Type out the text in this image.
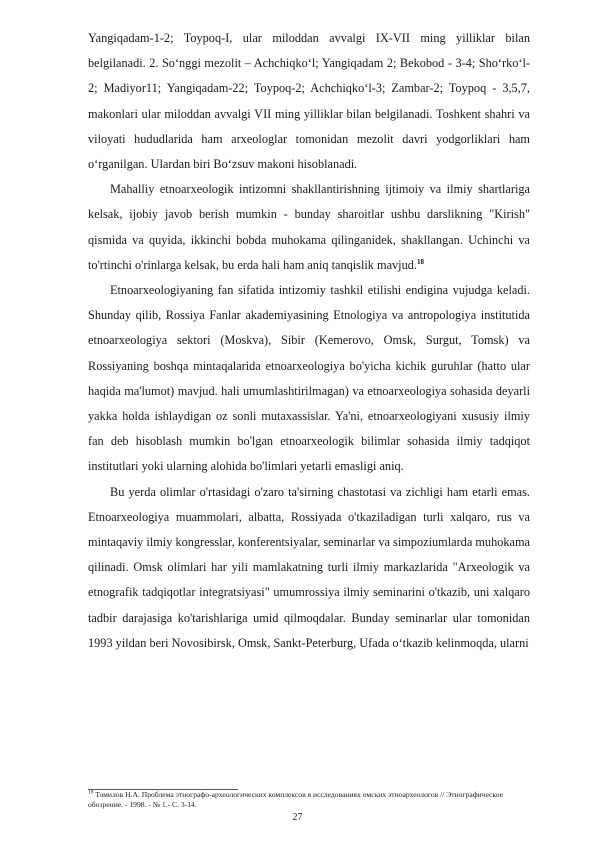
Yangiqadam-1-2; Toypoq-I, ular miloddan avvalgi IX-VII ming yilliklar bilan belgilanadi. 2. So‘nggi mezolit – Achchiqko‘l; Yangiqadam 2; Bekobod - 3-4; Sho‘rko‘l-2; Madiyor11; Yangiqadam-22; Toypoq-2; Achchiqko‘l-3; Zambar-2; Toypoq - 3,5,7, makonlari ular miloddan avvalgi VII ming yilliklar bilan belgilanadi. Toshkent shahri va viloyati hududlarida ham arxeologlar tomonidan mezolit davri yodgorliklari ham o‘rganilgan. Ulardan biri Bo‘zsuv makoni hisoblanadi.

Mahalliy etnoarxeologik intizomni shakllantirishning ijtimoiy va ilmiy shartlariga kelsak, ijobiy javob berish mumkin - bunday sharoitlar ushbu darslikning "Kirish" qismida va quyida, ikkinchi bobda muhokama qilinganidek, shakllangan. Uchinchi va to'rtinchi o'rinlarga kelsak, bu erda hali ham aniq tanqislik mavjud.$^{18}$

Etnoarxeologiyaning fan sifatida intizomiy tashkil etilishi endigina vujudga keladi. Shunday qilib, Rossiya Fanlar akademiyasining Etnologiya va antropologiya institutida etnoarxeologiya sektori (Moskva), Sibir (Kemerovo, Omsk, Surgut, Tomsk) va Rossiyaning boshqa mintaqalarida etnoarxeologiya bo'yicha kichik guruhlar (hatto ular haqida ma'lumot) mavjud. hali umumlashtirilmagan) va etnoarxeologiya sohasida deyarli yakka holda ishlaydigan oz sonli mutaxassislar. Ya'ni, etnoarxeologiyani xususiy ilmiy fan deb hisoblash mumkin bo'lgan etnoarxeologik bilimlar sohasida ilmiy tadqiqot institutlari yoki ularning alohida bo'limlari yetarli emasligi aniq.

Bu yerda olimlar o'rtasidagi o'zaro ta'sirning chastotasi va zichligi ham etarli emas. Etnoarxeologiya muammolari, albatta, Rossiyada o'tkaziladigan turli xalqaro, rus va mintaqaviy ilmiy kongresslar, konferentsiyalar, seminarlar va simpoziumlarda muhokama qilinadi. Omsk olimlari har yili mamlakatning turli ilmiy markazlarida "Arxeologik va etnografik tadqiqotlar integratsiyasi" umumrossiya ilmiy seminarini o'tkazib, uni xalqaro tadbir darajasiga ko'tarishlariga umid qilmoqdalar. Bunday seminarlar ular tomonidan 1993 yildan beri Novosibirsk, Omsk, Sankt-Peterburg, Ufada o‘tkazib kelinmoqda, ularni

$^{18}$ Томилов Н.А. Проблема этнографо-археологических комплексов в исследованиях омских этноархеологов // Этнографическое обозрение. - 1998. - № 1.- С. 3-14.
27
